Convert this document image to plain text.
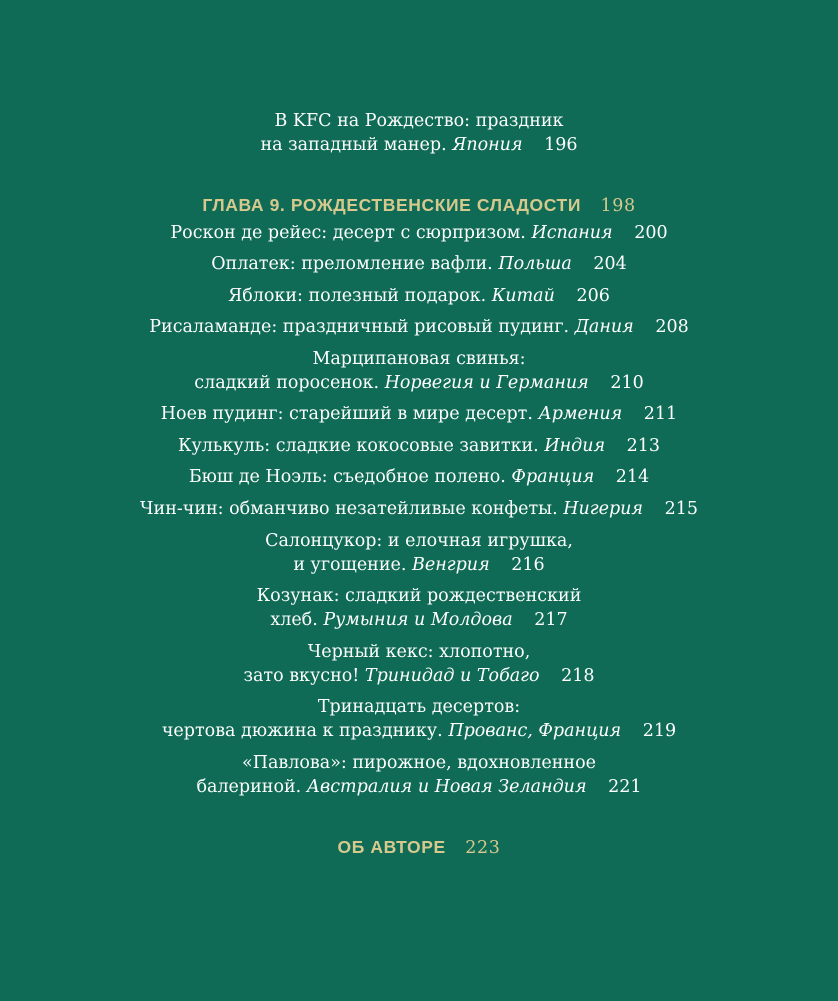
В KFC на Рождество: праздник
на западный манер. Япония 196
ГЛАВА 9. РОЖДЕСТВЕНСКИЕ СЛАДОСТИ 198
Роскон де рейес: десерт с сюрпризом. Испания 200
Оплатек: преломление вафли. Польша 204
Яблоки: полезный подарок. Китай 206
Рисаламанде: праздничный рисовый пудинг. Дания 208
Марципановая свинья:
сладкий поросенок. Норвегия и Германия 210
Ноев пудинг: старейший в мире десерт. Армения 211
Кулькуль: сладкие кокосовые завитки. Индия 213
Бюш де Ноэль: съедобное полено. Франция 214
Чин-чин: обманчиво незатейливые конфеты. Нигерия 215
Салонцукор: и елочная игрушка,
и угощение. Венгрия 216
Козунак: сладкий рождественский
хлеб. Румыния и Молдова 217
Черный кекс: хлопотно,
зато вкусно! Тринидад и Тобаго 218
Тринадцать десертов:
чертова дюжина к празднику. Прованс, Франция 219
«Павлова»: пирожное, вдохновленное
балериной. Австралия и Новая Зеландия 221
ОБ АВТОРЕ 223
